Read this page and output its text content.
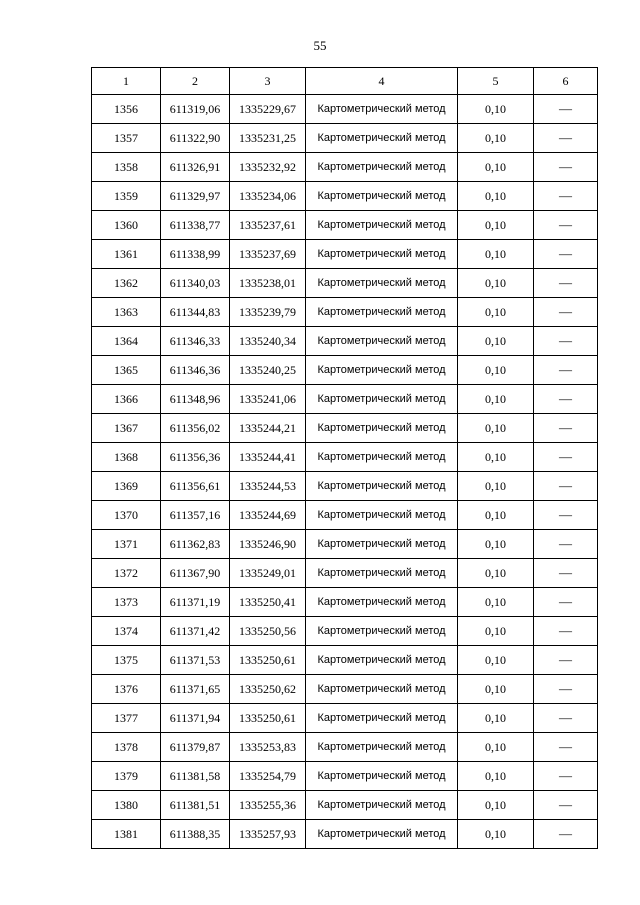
55
1	2	3	4	5	6
1356	611319,06	1335229,67	Картометрический метод	0,10	—
1357	611322,90	1335231,25	Картометрический метод	0,10	—
1358	611326,91	1335232,92	Картометрический метод	0,10	—
1359	611329,97	1335234,06	Картометрический метод	0,10	—
1360	611338,77	1335237,61	Картометрический метод	0,10	—
1361	611338,99	1335237,69	Картометрический метод	0,10	—
1362	611340,03	1335238,01	Картометрический метод	0,10	—
1363	611344,83	1335239,79	Картометрический метод	0,10	—
1364	611346,33	1335240,34	Картометрический метод	0,10	—
1365	611346,36	1335240,25	Картометрический метод	0,10	—
1366	611348,96	1335241,06	Картометрический метод	0,10	—
1367	611356,02	1335244,21	Картометрический метод	0,10	—
1368	611356,36	1335244,41	Картометрический метод	0,10	—
1369	611356,61	1335244,53	Картометрический метод	0,10	—
1370	611357,16	1335244,69	Картометрический метод	0,10	—
1371	611362,83	1335246,90	Картометрический метод	0,10	—
1372	611367,90	1335249,01	Картометрический метод	0,10	—
1373	611371,19	1335250,41	Картометрический метод	0,10	—
1374	611371,42	1335250,56	Картометрический метод	0,10	—
1375	611371,53	1335250,61	Картометрический метод	0,10	—
1376	611371,65	1335250,62	Картометрический метод	0,10	—
1377	611371,94	1335250,61	Картометрический метод	0,10	—
1378	611379,87	1335253,83	Картометрический метод	0,10	—
1379	611381,58	1335254,79	Картометрический метод	0,10	—
1380	611381,51	1335255,36	Картометрический метод	0,10	—
1381	611388,35	1335257,93	Картометрический метод	0,10	—
